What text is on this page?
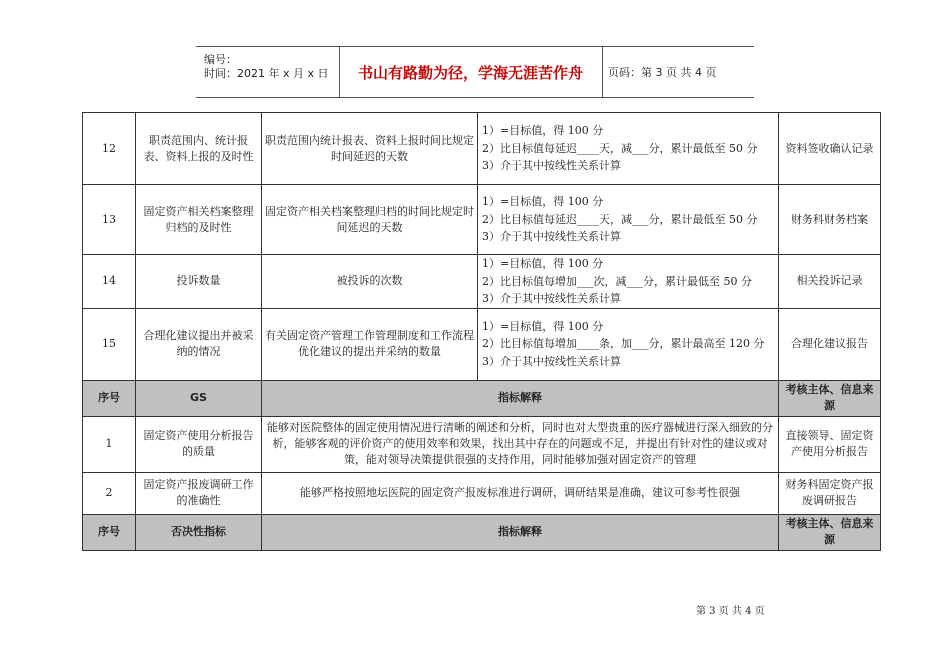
编号：
时间：2021 年 x 月 x 日	书山有路勤为径，学海无涯苦作舟	页码：第 3 页 共 4 页
12	职责范围内、统计报表、资料上报的及时性	职责范围内统计报表、资料上报时间比规定时间延迟的天数	1）=目标值，得 100 分
2）比目标值每延迟____天，减___分，累计最低至 50 分
3）介于其中按线性关系计算	资料签收确认记录
13	固定资产相关档案整理归档的及时性	固定资产相关档案整理归档的时间比规定时间延迟的天数	1）=目标值，得 100 分
2）比目标值每延迟____天，减___分，累计最低至 50 分
3）介于其中按线性关系计算	财务科财务档案
14	投诉数量	被投诉的次数	1）=目标值，得 100 分
2）比目标值每增加___次，减___分，累计最低至 50 分
3）介于其中按线性关系计算	相关投诉记录
15	合理化建议提出并被采纳的情况	有关固定资产管理工作管理制度和工作流程优化建议的提出并采纳的数量	1）=目标值，得 100 分
2）比目标值每增加____条，加___分，累计最高至 120 分
3）介于其中按线性关系计算	合理化建议报告
序号	GS	指标解释		考核主体、信息来源
1	固定资产使用分析报告的质量	能够对医院整体的固定使用情况进行清晰的阐述和分析，同时也对大型贵重的医疗器械进行深入细致的分析，能够客观的评价资产的使用效率和效果，找出其中存在的问题或不足，并提出有针对性的建议或对策，能对领导决策提供很强的支持作用，同时能够加强对固定资产的管理		直接领导、固定资产使用分析报告
2	固定资产报废调研工作的准确性	能够严格按照地坛医院的固定资产报废标准进行调研，调研结果是准确，建议可参考性很强		财务科固定资产报废调研报告
序号	否决性指标	指标解释		考核主体、信息来源
第 3 页 共 4 页
